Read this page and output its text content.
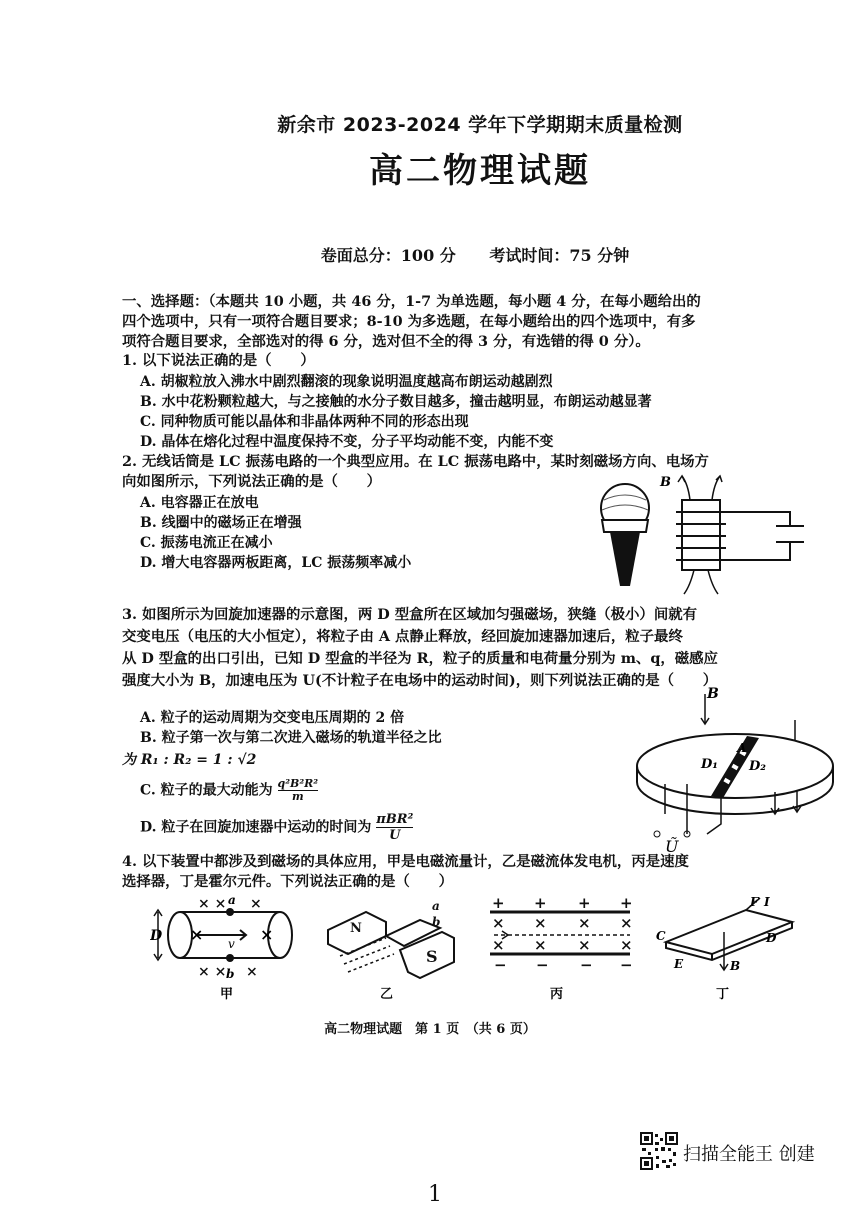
新余市 2023-2024 学年下学期期末质量检测
高二物理试题
卷面总分：100 分 考试时间：75 分钟
一、选择题：（本题共 10 小题，共 46 分，1-7 为单选题，每小题 4 分，在每小题给出的
四个选项中，只有一项符合题目要求；8-10 为多选题，在每小题给出的四个选项中，有多
项符合题目要求，全部选对的得 6 分，选对但不全的得 3 分，有选错的得 0 分）。
1. 以下说法正确的是（　　）
A. 胡椒粒放入沸水中剧烈翻滚的现象说明温度越高布朗运动越剧烈
B. 水中花粉颗粒越大，与之接触的水分子数目越多，撞击越明显，布朗运动越显著
C. 同种物质可能以晶体和非晶体两种不同的形态出现
D. 晶体在熔化过程中温度保持不变，分子平均动能不变，内能不变
2. 无线话筒是 LC 振荡电路的一个典型应用。在 LC 振荡电路中，某时刻磁场方向、电场方
向如图所示，下列说法正确的是（　　）
A. 电容器正在放电
B. 线圈中的磁场正在增强
C. 振荡电流正在减小
D. 增大电容器两板距离，LC 振荡频率减小
B
3. 如图所示为回旋加速器的示意图，两 D 型盒所在区域加匀强磁场，狭缝（极小）间就有
交变电压（电压的大小恒定），将粒子由 A 点静止释放，经回旋加速器加速后，粒子最终
从 D 型盒的出口引出，已知 D 型盒的半径为 R，粒子的质量和电荷量分别为 m、q，磁感应
强度大小为 B，加速电压为 U(不计粒子在电场中的运动时间)，则下列说法正确的是（　　）
A. 粒子的运动周期为交变电压周期的 2 倍
B. 粒子第一次与第二次进入磁场的轨道半径之比
为 R₁ : R₂ = 1 : √2
C. 粒子的最大动能为 $\frac{\text{q²B²R²}}{m}$
D. 粒子在回旋加速器中运动的时间为 πBR²
U
B
D₁ D₂
A
Ũ
4. 以下装置中都涉及到磁场的具体应用，甲是电磁流量计，乙是磁流体发电机，丙是速度
选择器，丁是霍尔元件。下列说法正确的是（　　）
D
× × ×
× × ×
a
b
v ×
×
甲
S
N
a
b
乙
+ + + +
− − − −
× × × ×
× × × ×
丙
F I
C	D
E	B
丁
高二物理试题　第 1 页　（共 6 页）
扫描全能王 创建
1
